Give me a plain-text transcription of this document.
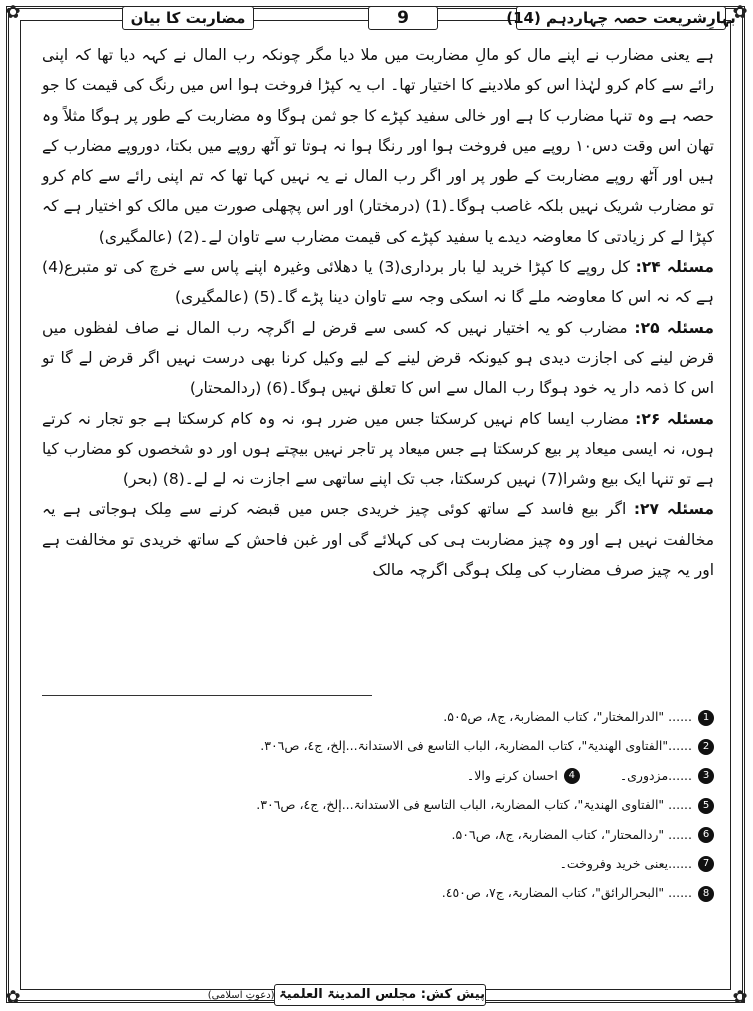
✿	✿
✿	✿
مضاربت کا بیان	9	بہارِشریعت حصہ چہاردہم (14)

ہے یعنی مضارب نے اپنے مال کو مالِ مضاربت میں ملا دیا مگر چونکہ رب المال نے کہہ دیا تھا کہ اپنی رائے سے کام کرو لہٰذا اس کو ملادینے کا اختیار تھا۔ اب یہ کپڑا فروخت ہوا اس میں رنگ کی قیمت کا جو حصہ ہے وہ تنہا مضارب کا ہے اور خالی سفید کپڑے کا جو ثمن ہوگا وہ مضاربت کے طور پر ہوگا مثلاً وہ تھان اس وقت دس۱۰ روپے میں فروخت ہوا اور رنگا ہوا نہ ہوتا تو آٹھ روپے میں بکتا، دوروپے مضارب کے ہیں اور آٹھ روپے مضاربت کے طور پر اور اگر رب المال نے یہ نہیں کہا تھا کہ تم اپنی رائے سے کام کرو تو مضارب شریک نہیں بلکہ غاصب ہوگا۔(1) (درمختار) اور اس پچھلی صورت میں مالک کو اختیار ہے کہ کپڑا لے کر زیادتی کا معاوضہ دیدے یا سفید کپڑے کی قیمت مضارب سے تاوان لے۔(2) (عالمگیری)

مسئلہ ۲۴: کل روپے کا کپڑا خرید لیا بار برداری(3) یا دھلائی وغیرہ اپنے پاس سے خرچ کی تو متبرع(4) ہے کہ نہ اس کا معاوضہ ملے گا نہ اسکی وجہ سے تاوان دینا پڑے گا۔(5) (عالمگیری)

مسئلہ ۲۵: مضارب کو یہ اختیار نہیں کہ کسی سے قرض لے اگرچہ رب المال نے صاف لفظوں میں قرض لینے کی اجازت دیدی ہو کیونکہ قرض لینے کے لیے وکیل کرنا بھی درست نہیں اگر قرض لے گا تو اس کا ذمہ دار یہ خود ہوگا رب المال سے اس کا تعلق نہیں ہوگا۔(6) (ردالمحتار)

مسئلہ ۲۶: مضارب ایسا کام نہیں کرسکتا جس میں ضرر ہو، نہ وہ کام کرسکتا ہے جو تجار نہ کرتے ہوں، نہ ایسی میعاد پر بیع کرسکتا ہے جس میعاد پر تاجر نہیں بیچتے ہوں اور دو شخصوں کو مضارب کیا ہے تو تنہا ایک بیع وشرا(7) نہیں کرسکتا، جب تک اپنے ساتھی سے اجازت نہ لے لے۔(8) (بحر)

مسئلہ ۲۷: اگر بیع فاسد کے ساتھ کوئی چیز خریدی جس میں قبضہ کرنے سے مِلک ہوجاتی ہے یہ مخالفت نہیں ہے اور وہ چیز مضاربت ہی کی کہلائے گی اور غبن فاحش کے ساتھ خریدی تو مخالفت ہے اور یہ چیز صرف مضارب کی مِلک ہوگی اگرچہ مالک

1...... "الدرالمختار"، کتاب المضاربۃ، ج۸، ص۵۰۵.
2......"الفتاوی الھندیۃ"، کتاب المضاربۃ، الباب التاسع فی الاستدانۃ...إلخ، ج٤، ص٣٠٦.
3......مزدوری۔4احسان کرنے والا۔
5...... "الفتاوی الھندیۃ"، کتاب المضاربۃ، الباب التاسع فی الاستدانۃ...إلخ، ج٤، ص٣٠٦.
6...... "ردالمحتار"، کتاب المضاربۃ، ج۸، ص۵۰٦.
7......یعنی خرید وفروخت۔
8...... "البحرالرائق"، کتاب المضاربۃ، ج۷، ص٤٥٠.
پیش کش: مجلس المدینۃ العلمیۃ (دعوتِ اسلامی)
